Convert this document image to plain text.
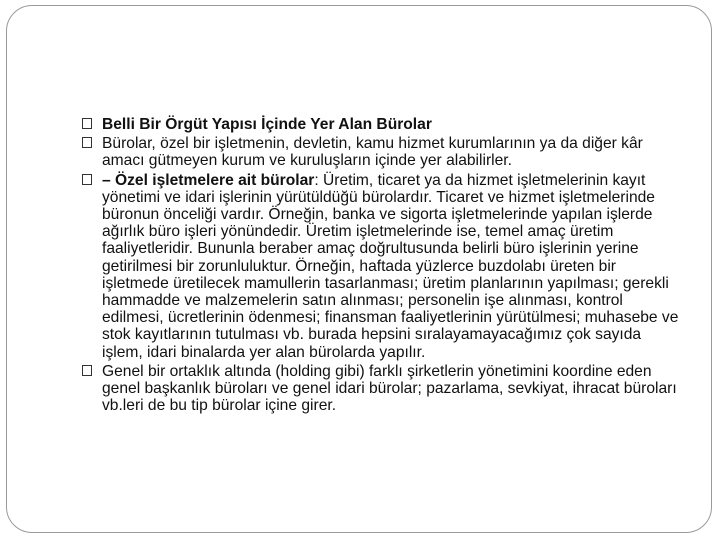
Belli Bir Örgüt Yapısı İçinde Yer Alan Bürolar
Bürolar, özel bir işletmenin, devletin, kamu hizmet kurumlarının ya da diğer kâr amacı gütmeyen kurum ve kuruluşların içinde yer alabilirler.
– Özel işletmelere ait bürolar: Üretim, ticaret ya da hizmet işletmelerinin kayıt yönetimi ve idari işlerinin yürütüldüğü bürolardır. Ticaret ve hizmet işletmelerinde büronun önceliği vardır. Örneğin, banka ve sigorta işletmelerinde yapılan işlerde ağırlık büro işleri yönündedir. Üretim işletmelerinde ise, temel amaç üretim faaliyetleridir. Bununla beraber amaç doğrultusunda belirli büro işlerinin yerine getirilmesi bir zorunluluktur. Örneğin, haftada yüzlerce buzdolabı üreten bir işletmede üretilecek mamullerin tasarlanması; üretim planlarının yapılması; gerekli hammadde ve malzemelerin satın alınması; personelin işe alınması, kontrol edilmesi, ücretlerinin ödenmesi; finansman faaliyetlerinin yürütülmesi; muhasebe ve stok kayıtlarının tutulması vb. burada hepsini sıralayamayacağımız çok sayıda işlem, idari binalarda yer alan bürolarda yapılır.
Genel bir ortaklık altında (holding gibi) farklı şirketlerin yönetimini koordine eden genel başkanlık büroları ve genel idari bürolar; pazarlama, sevkiyat, ihracat büroları vb.leri de bu tip bürolar içine girer.
